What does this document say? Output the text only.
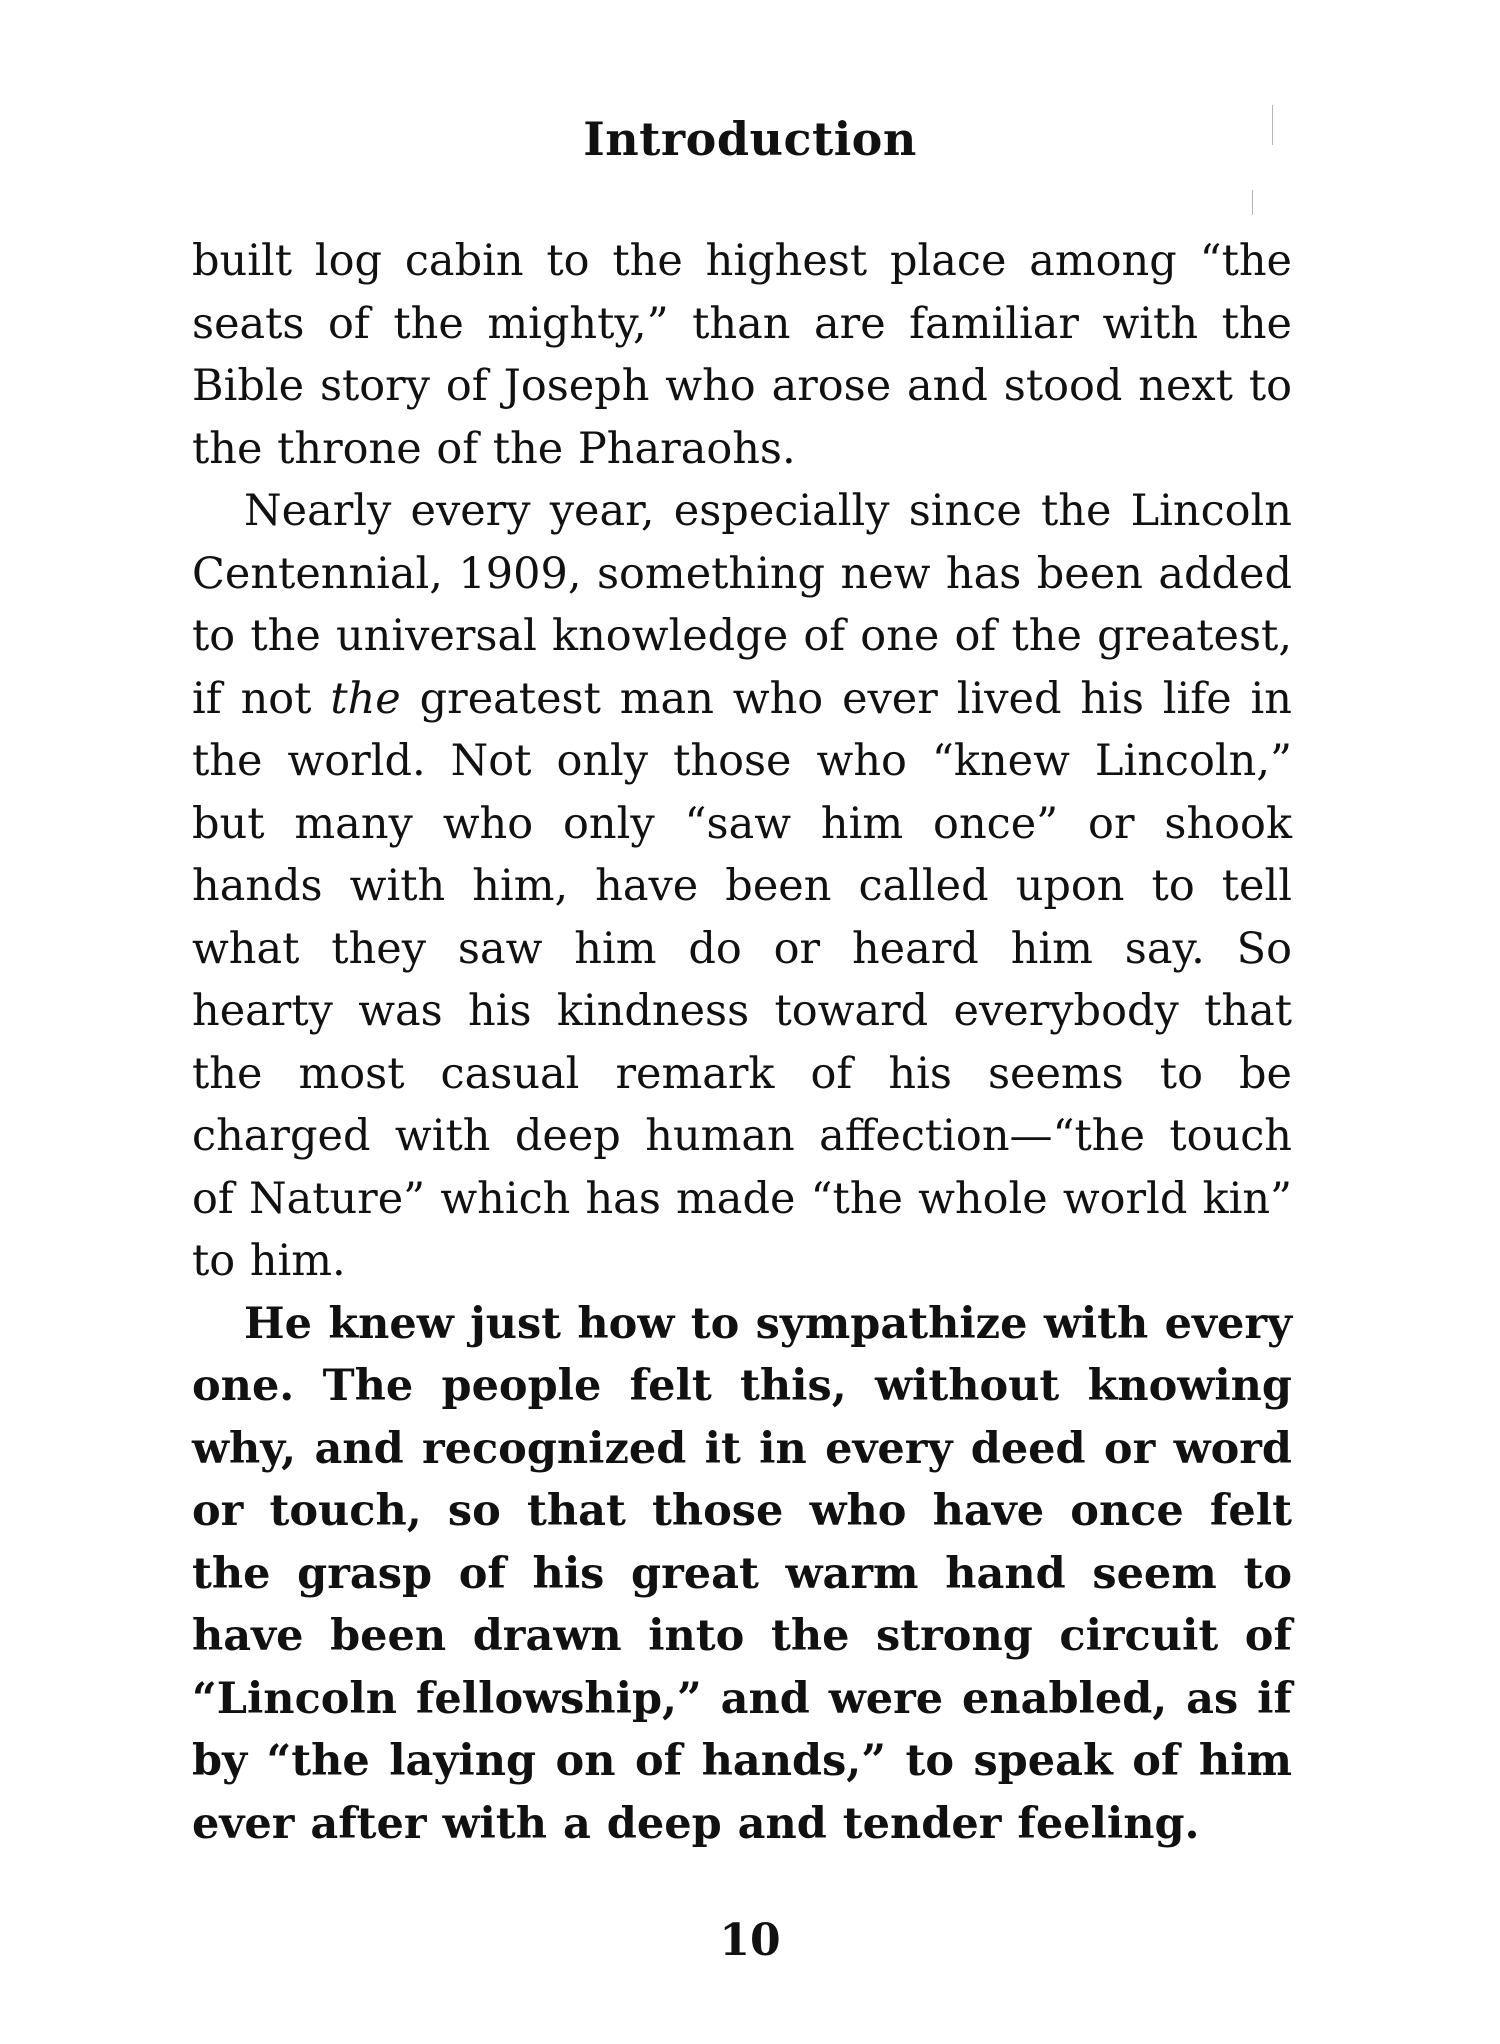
Introduction

built log cabin to the highest place among “the seats of the mighty,” than are familiar with the Bible story of Joseph who arose and stood next to the throne of the Pharaohs.

Nearly every year, especially since the Lincoln Centennial, 1909, something new has been added to the universal knowledge of one of the greatest, if not the greatest man who ever lived his life in the world. Not only those who “knew Lincoln,” but many who only “saw him once” or shook hands with him, have been called upon to tell what they saw him do or heard him say. So hearty was his kindness toward everybody that the most casual remark of his seems to be charged with deep human affection—“the touch of Nature” which has made “the whole world kin” to him.

He knew just how to sympathize with every one. The people felt this, without knowing why, and recognized it in every deed or word or touch, so that those who have once felt the grasp of his great warm hand seem to have been drawn into the strong circuit of “Lincoln fellowship,” and were enabled, as if by “the laying on of hands,” to speak of him ever after with a deep and tender feeling.

10
